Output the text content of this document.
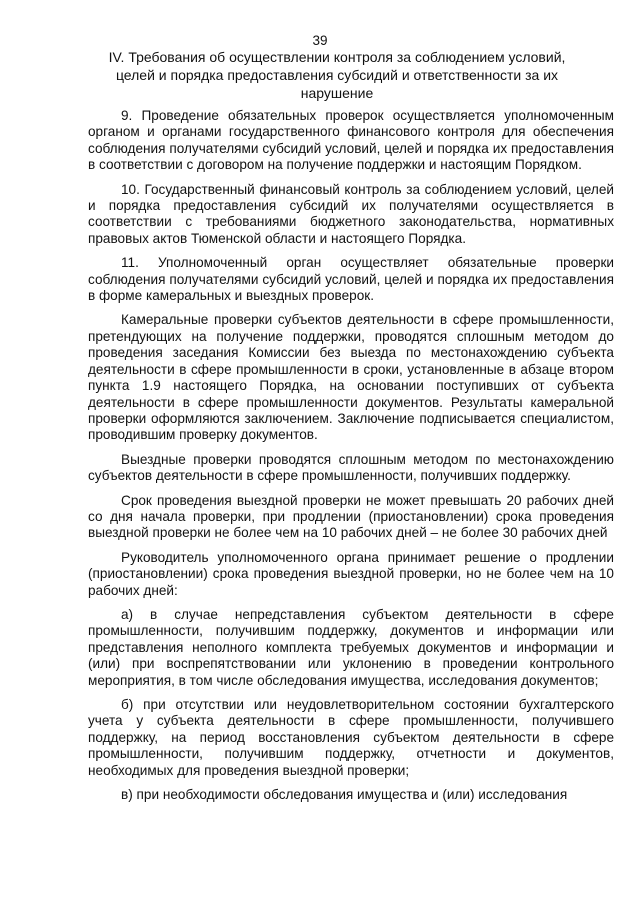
39
IV. Требования об осуществлении контроля за соблюдением условий, целей и порядка предоставления субсидий и ответственности за их нарушение

9. Проведение обязательных проверок осуществляется уполномоченным органом и органами государственного финансового контроля для обеспечения соблюдения получателями субсидий условий, целей и порядка их предоставления в соответствии с договором на получение поддержки и настоящим Порядком.

10. Государственный финансовый контроль за соблюдением условий, целей и порядка предоставления субсидий их получателями осуществляется в соответствии с требованиями бюджетного законодательства, нормативных правовых актов Тюменской области и настоящего Порядка.

11. Уполномоченный орган осуществляет обязательные проверки соблюдения получателями субсидий условий, целей и порядка их предоставления в форме камеральных и выездных проверок.

Камеральные проверки субъектов деятельности в сфере промышленности, претендующих на получение поддержки, проводятся сплошным методом до проведения заседания Комиссии без выезда по местонахождению субъекта деятельности в сфере промышленности в сроки, установленные в абзаце втором пункта 1.9 настоящего Порядка, на основании поступивших от субъекта деятельности в сфере промышленности документов. Результаты камеральной проверки оформляются заключением. Заключение подписывается специалистом, проводившим проверку документов.

Выездные проверки проводятся сплошным методом по местонахождению субъектов деятельности в сфере промышленности, получивших поддержку.

Срок проведения выездной проверки не может превышать 20 рабочих дней со дня начала проверки, при продлении (приостановлении) срока проведения выездной проверки не более чем на 10 рабочих дней – не более 30 рабочих дней

Руководитель уполномоченного органа принимает решение о продлении (приостановлении) срока проведения выездной проверки, но не более чем на 10 рабочих дней:

а) в случае непредставления субъектом деятельности в сфере промышленности, получившим поддержку, документов и информации или представления неполного комплекта требуемых документов и информации и (или) при воспрепятствовании или уклонению в проведении контрольного мероприятия, в том числе обследования имущества, исследования документов;

б) при отсутствии или неудовлетворительном состоянии бухгалтерского учета у субъекта деятельности в сфере промышленности, получившего поддержку, на период восстановления субъектом деятельности в сфере промышленности, получившим поддержку, отчетности и документов, необходимых для проведения выездной проверки;

в) при необходимости обследования имущества и (или) исследования
